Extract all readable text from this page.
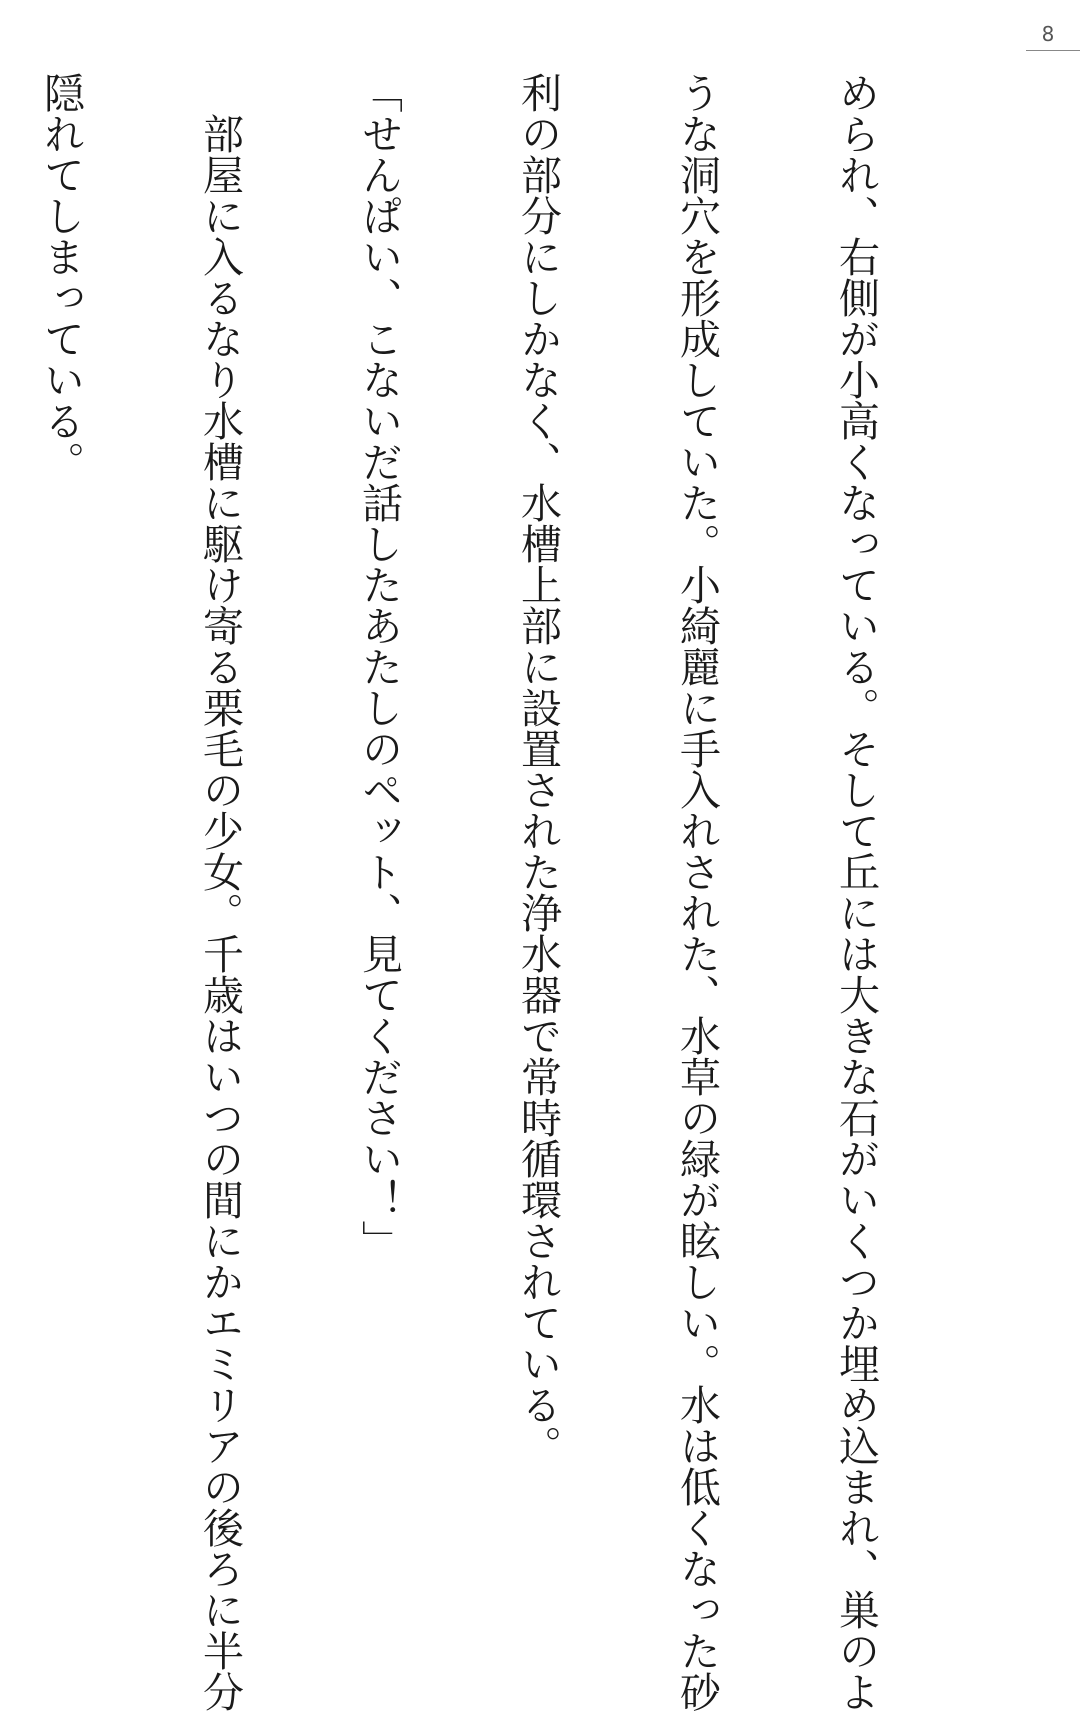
8

められ、右側が小高くなっている。そして丘には大きな石がいくつか埋め込まれ、巣のよ

うな洞穴を形成していた。小綺麗に手入れされた、水草の緑が眩しい。水は低くなった砂

利の部分にしかなく、水槽上部に設置された浄水器で常時循環されている。

「せんぱい、こないだ話したあたしのペット、見てください！」

　部屋に入るなり水槽に駆け寄る栗毛の少女。千歳はいつの間にかエミリアの後ろに半分

隠れてしまっている。
